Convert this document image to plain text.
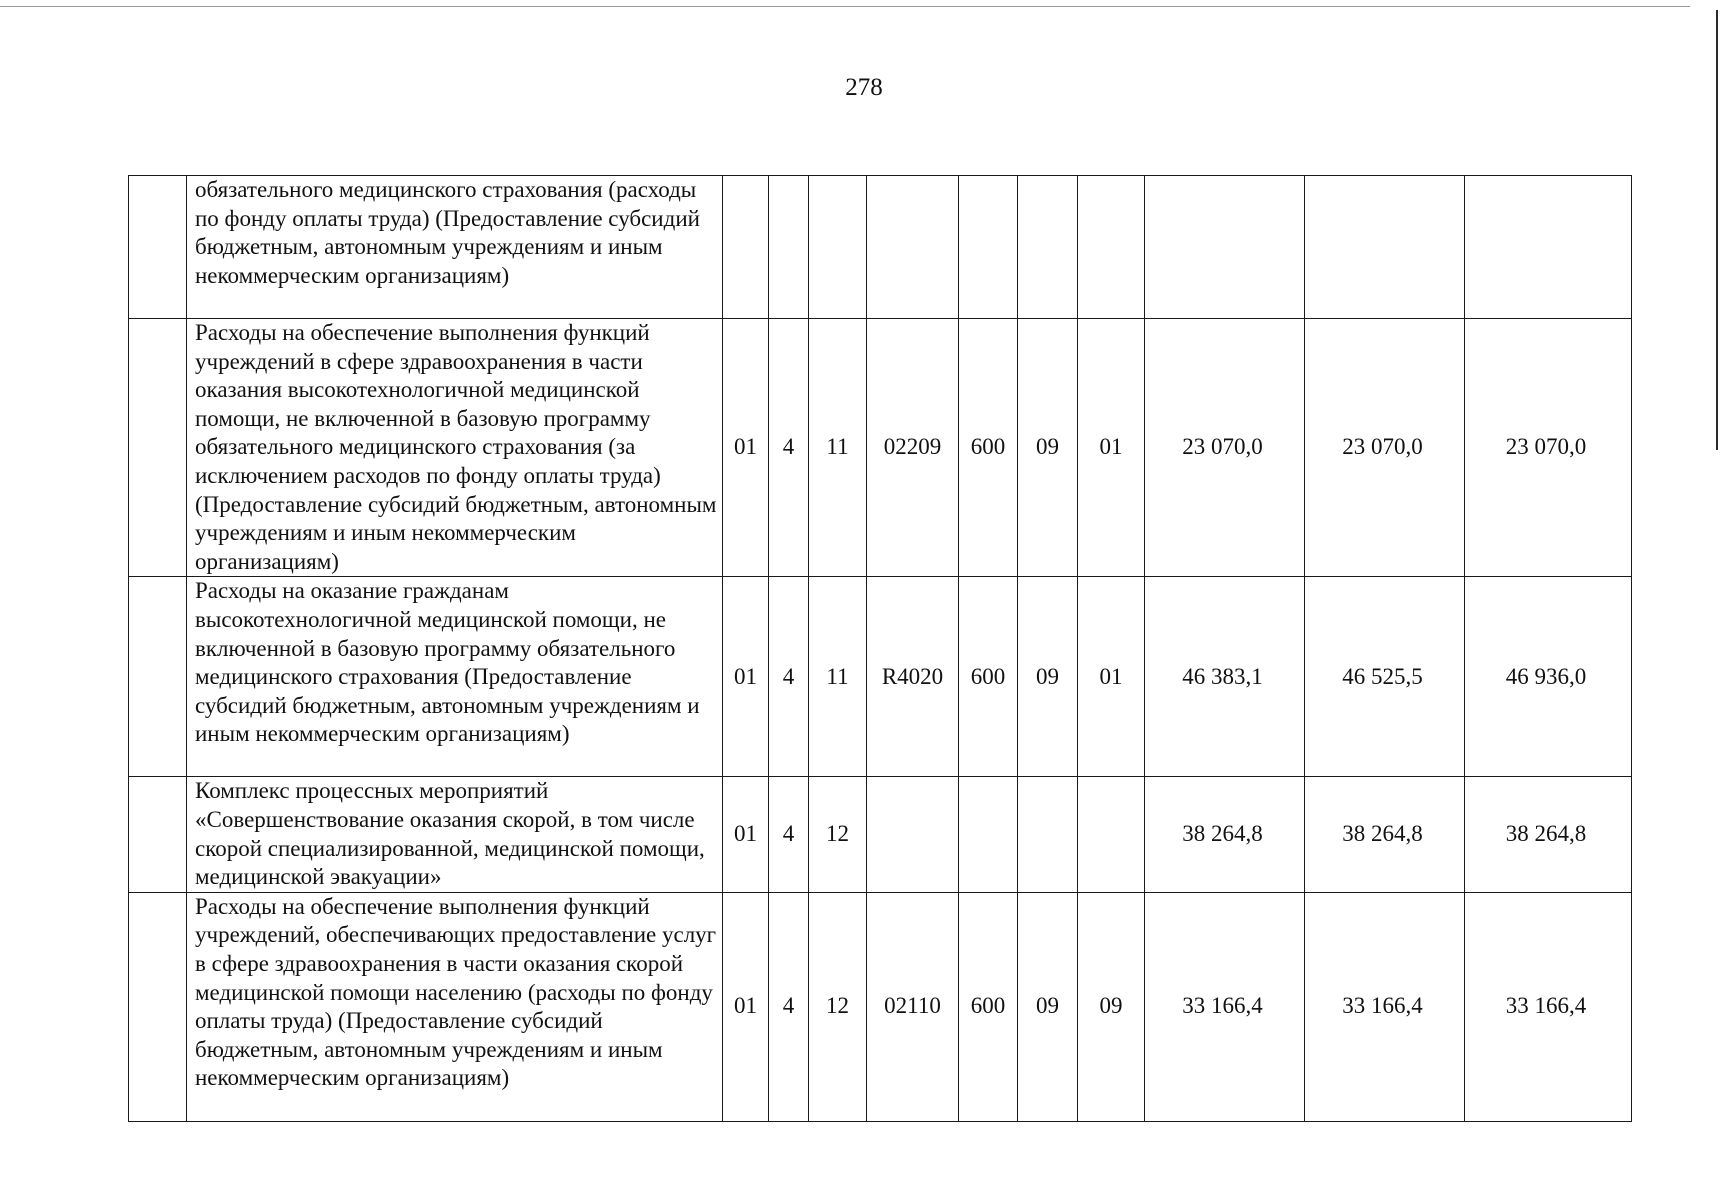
278
	обязательного медицинского страхования (расходы по фонду оплаты труда) (Предоставление субсидий бюджетным, автономным учреждениям и иным некоммерческим организациям)										
	Расходы на обеспечение выполнения функций учреждений в сфере здравоохранения в части оказания высокотехнологичной медицинской помощи, не включенной в базовую программу обязательного медицинского страхования (за исключением расходов по фонду оплаты труда) (Предоставление субсидий бюджетным, автономным учреждениям и иным некоммерческим организациям)	01	4	11	02209	600	09	01	23 070,0	23 070,0	23 070,0
	Расходы на оказание гражданам высокотехнологичной медицинской помощи, не включенной в базовую программу обязательного медицинского страхования (Предоставление субсидий бюджетным, автономным учреждениям и иным некоммерческим организациям)	01	4	11	R4020	600	09	01	46 383,1	46 525,5	46 936,0
	Комплекс процессных мероприятий «Совершенствование оказания скорой, в том числе скорой специализированной, медицинской помощи, медицинской эвакуации»	01	4	12					38 264,8	38 264,8	38 264,8
	Расходы на обеспечение выполнения функций учреждений, обеспечивающих предоставление услуг в сфере здравоохранения в части оказания скорой медицинской помощи населению (расходы по фонду оплаты труда) (Предоставление субсидий бюджетным, автономным учреждениям и иным некоммерческим организациям)	01	4	12	02110	600	09	09	33 166,4	33 166,4	33 166,4
